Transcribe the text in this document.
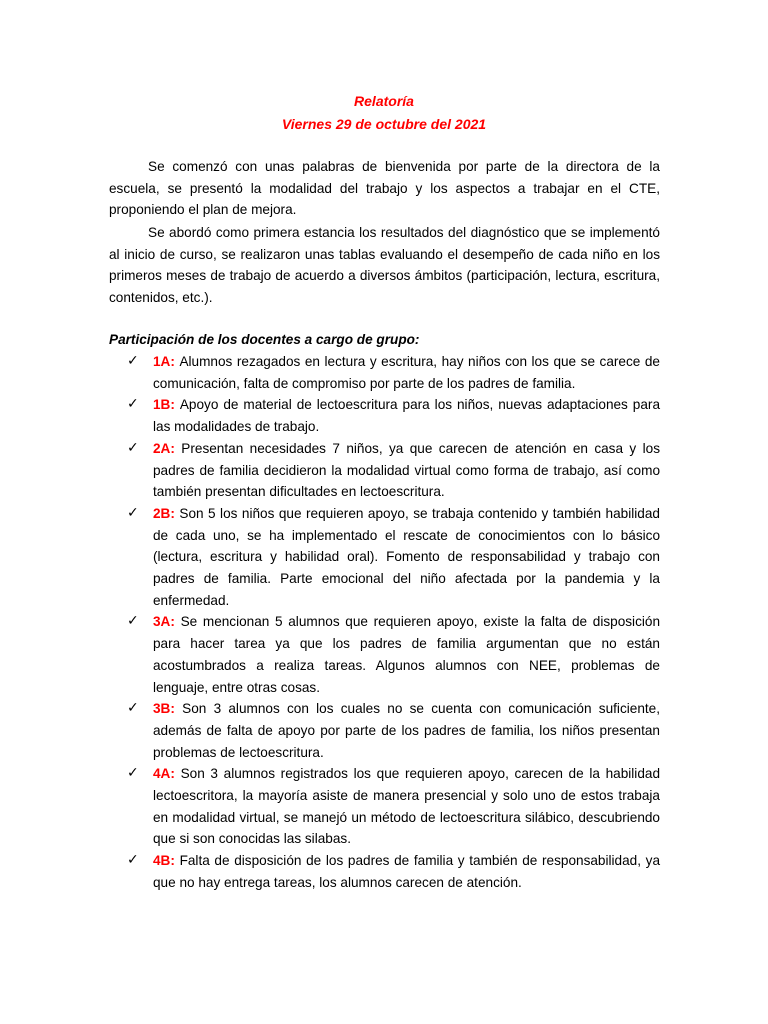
Relatoría
Viernes 29 de octubre del 2021

Se comenzó con unas palabras de bienvenida por parte de la directora de la escuela, se presentó la modalidad del trabajo y los aspectos a trabajar en el CTE, proponiendo el plan de mejora.

Se abordó como primera estancia los resultados del diagnóstico que se implementó al inicio de curso, se realizaron unas tablas evaluando el desempeño de cada niño en los primeros meses de trabajo de acuerdo a diversos ámbitos (participación, lectura, escritura, contenidos, etc.).

Participación de los docentes a cargo de grupo:
✓ 1A: Alumnos rezagados en lectura y escritura, hay niños con los que se carece de comunicación, falta de compromiso por parte de los padres de familia.
✓ 1B: Apoyo de material de lectoescritura para los niños, nuevas adaptaciones para las modalidades de trabajo.
✓ 2A: Presentan necesidades 7 niños, ya que carecen de atención en casa y los padres de familia decidieron la modalidad virtual como forma de trabajo, así como también presentan dificultades en lectoescritura.
✓ 2B: Son 5 los niños que requieren apoyo, se trabaja contenido y también habilidad de cada uno, se ha implementado el rescate de conocimientos con lo básico (lectura, escritura y habilidad oral). Fomento de responsabilidad y trabajo con padres de familia. Parte emocional del niño afectada por la pandemia y la enfermedad.
✓ 3A: Se mencionan 5 alumnos que requieren apoyo, existe la falta de disposición para hacer tarea ya que los padres de familia argumentan que no están acostumbrados a realiza tareas. Algunos alumnos con NEE, problemas de lenguaje, entre otras cosas.
✓ 3B: Son 3 alumnos con los cuales no se cuenta con comunicación suficiente, además de falta de apoyo por parte de los padres de familia, los niños presentan problemas de lectoescritura.
✓ 4A: Son 3 alumnos registrados los que requieren apoyo, carecen de la habilidad lectoescritora, la mayoría asiste de manera presencial y solo uno de estos trabaja en modalidad virtual, se manejó un método de lectoescritura silábico, descubriendo que si son conocidas las silabas.
✓ 4B: Falta de disposición de los padres de familia y también de responsabilidad, ya que no hay entrega tareas, los alumnos carecen de atención.
